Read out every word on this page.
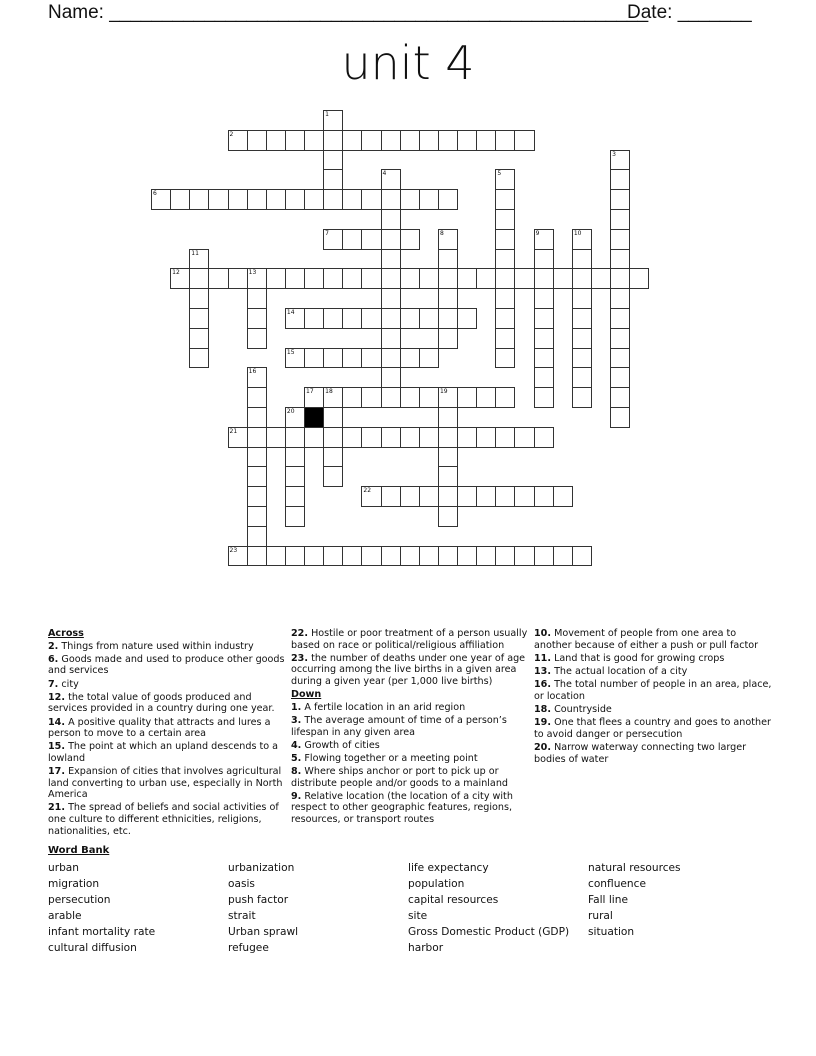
Name: ___________________________________________________
Date: _______
unit 4
1
2
3
4	5
6
7	8	9	10
11
12	13
14
15
16
17 18	19
20
21
22
23
Across
2. Things from nature used within industry
6. Goods made and used to produce other goods and services
7. city
12. the total value of goods produced and services provided in a country during one year.
14. A positive quality that attracts and lures a person to move to a certain area
15. The point at which an upland descends to a lowland
17. Expansion of cities that involves agricultural land converting to urban use, especially in North America
21. The spread of beliefs and social activities of one culture to different ethnicities, religions, nationalities, etc.
22. Hostile or poor treatment of a person usually based on race or political/religious affiliation
23. the number of deaths under one year of age occurring among the live births in a given area during a given year (per 1,000 live births)
Down
1. A fertile location in an arid region
3. The average amount of time of a person’s lifespan in any given area
4. Growth of cities
5. Flowing together or a meeting point
8. Where ships anchor or port to pick up or distribute people and/or goods to a mainland
9. Relative location (the location of a city with respect to other geographic features, regions, resources, or transport routes
10. Movement of people from one area to another because of either a push or pull factor
11. Land that is good for growing crops
13. The actual location of a city
16. The total number of people in an area, place, or location
18. Countryside
19. One that flees a country and goes to another to avoid danger or persecution
20. Narrow waterway connecting two larger bodies of water
Word Bank
urban
migration
persecution
arable
infant mortality rate
cultural diffusion
urbanization
oasis
push factor
strait
Urban sprawl
refugee
life expectancy
population
capital resources
site
Gross Domestic Product (GDP)
harbor
natural resources
confluence
Fall line
rural
situation
